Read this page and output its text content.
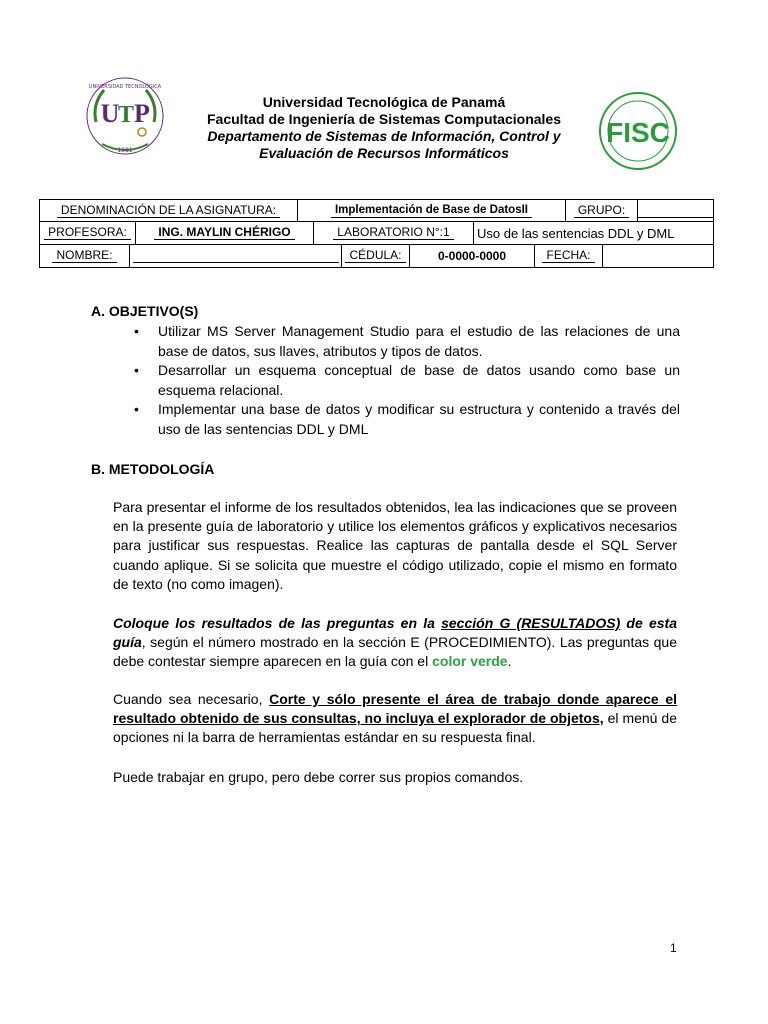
UNIVERSIDAD TECNOLÓGICA
U
T P
1981
FISC
Universidad Tecnológica de Panamá
Facultad de Ingeniería de Sistemas Computacionales
Departamento de Sistemas de Información, Control y
Evaluación de Recursos Informáticos
DENOMINACIÓN DE LA ASIGNATURA:	Implementación de Base de DatosII	GRUPO:
PROFESORA:	ING. MAYLIN CHÉRIGO	LABORATORIO N°:1	Uso de las sentencias DDL y DML
NOMBRE:	CÉDULA:	0-0000-0000	FECHA:
A. OBJETIVO(S)
• Utilizar MS Server Management Studio para el estudio de las relaciones de una base de datos, sus llaves, atributos y tipos de datos.
• Desarrollar un esquema conceptual de base de datos usando como base un esquema relacional.
• Implementar una base de datos y modificar su estructura y contenido a través del uso de las sentencias DDL y DML
B. METODOLOGÍA

Para presentar el informe de los resultados obtenidos, lea las indicaciones que se proveen en la presente guía de laboratorio y utilice los elementos gráficos y explicativos necesarios para justificar sus respuestas. Realice las capturas de pantalla desde el SQL Server cuando aplique. Si se solicita que muestre el código utilizado, copie el mismo en formato de texto (no como imagen).

Coloque los resultados de las preguntas en la sección G (RESULTADOS) de esta guía, según el número mostrado en la sección E (PROCEDIMIENTO). Las preguntas que debe contestar siempre aparecen en la guía con el color verde.

Cuando sea necesario, Corte y sólo presente el área de trabajo donde aparece el resultado obtenido de sus consultas, no incluya el explorador de objetos, el menú de opciones ni la barra de herramientas estándar en su respuesta final.

Puede trabajar en grupo, pero debe correr sus propios comandos.

1
